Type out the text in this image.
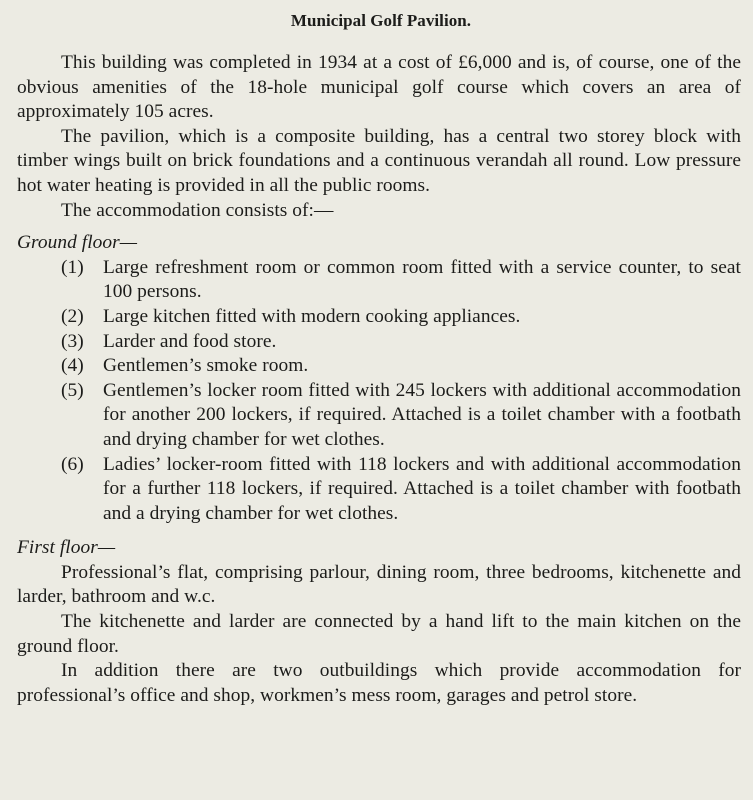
Municipal Golf Pavilion.

This building was completed in 1934 at a cost of £6,000 and is, of course, one of the obvious amenities of the 18-hole municipal golf course which covers an area of approximately 105 acres.

The pavilion, which is a composite building, has a central two storey block with timber wings built on brick foundations and a continuous verandah all round. Low pressure hot water heating is provided in all the public rooms.

The accommodation consists of:—

Ground floor—
(1) Large refreshment room or common room fitted with a service counter, to seat 100 persons.
(2) Large kitchen fitted with modern cooking appliances.
(3) Larder and food store.
(4) Gentlemen’s smoke room.
(5) Gentlemen’s locker room fitted with 245 lockers with additional accommodation for another 200 lockers, if required. Attached is a toilet chamber with a footbath and drying chamber for wet clothes.
(6) Ladies’ locker-room fitted with 118 lockers and with additional accommodation for a further 118 lockers, if required. Attached is a toilet chamber with footbath and a drying chamber for wet clothes.
First floor—

Professional’s flat, comprising parlour, dining room, three bedrooms, kitchenette and larder, bathroom and w.c.

The kitchenette and larder are connected by a hand lift to the main kitchen on the ground floor.

In addition there are two outbuildings which provide accommodation for professional’s office and shop, workmen’s mess room, garages and petrol store.
